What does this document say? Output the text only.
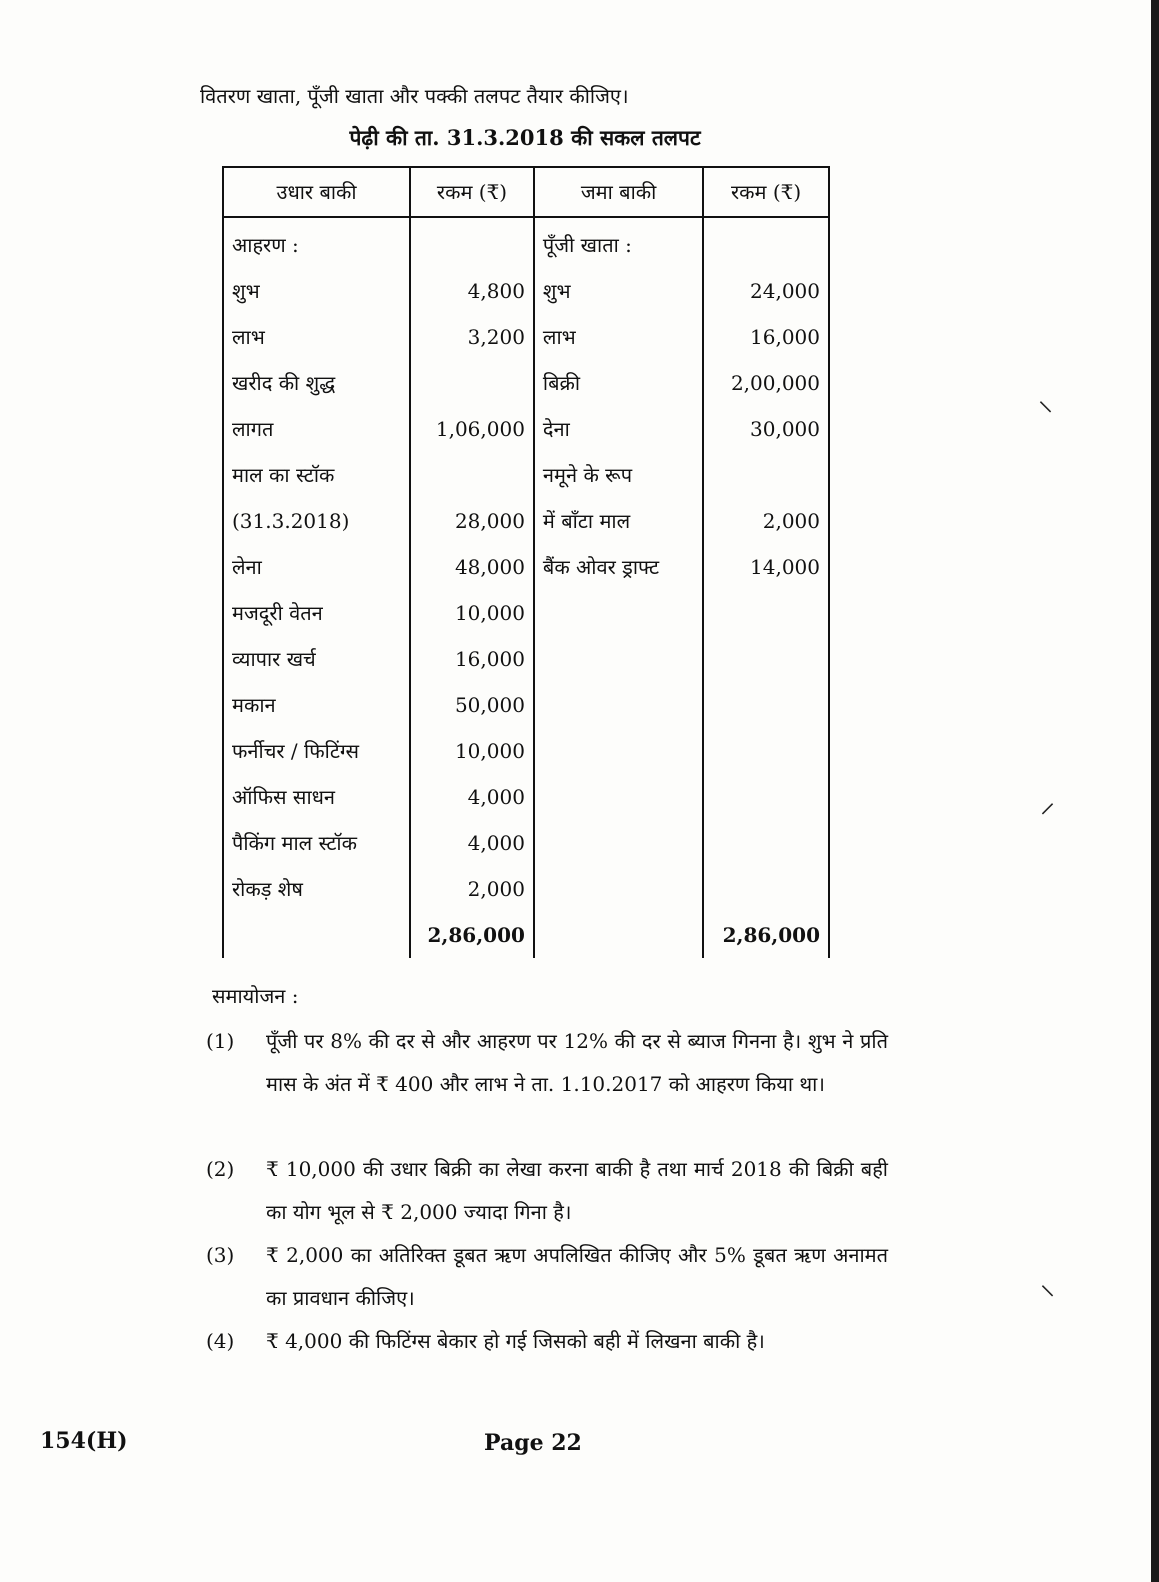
⸜
⸝
⸜
वितरण खाता, पूँजी खाता और पक्की तलपट तैयार कीजिए।
पेढ़ी की ता. 31.3.2018 की सकल तलपट
उधार बाकी	रकम (₹)	जमा बाकी	रकम (₹)
आहरण :		पूँजी खाता :	
शुभ	4,800	शुभ	24,000
लाभ	3,200	लाभ	16,000
खरीद की शुद्ध		बिक्री	2,00,000
लागत	1,06,000	देना	30,000
माल का स्टॉक		नमूने के रूप	
(31.3.2018)	28,000	में बाँटा माल	2,000
लेना	48,000	बैंक ओवर ड्राफ्ट	14,000
मजदूरी वेतन	10,000		
व्यापार खर्च	16,000		
मकान	50,000		
फर्नीचर / फिटिंग्स	10,000		
ऑफिस साधन	4,000		
पैकिंग माल स्टॉक	4,000		
रोकड़ शेष	2,000		
	2,86,000		2,86,000
समायोजन :
(1)	पूँजी पर 8% की दर से और आहरण पर 12% की दर से ब्याज गिनना है। शुभ ने प्रति मास के अंत में ₹ 400 और लाभ ने ता. 1.10.2017 को आहरण किया था।
(2)	₹ 10,000 की उधार बिक्री का लेखा करना बाकी है तथा मार्च 2018 की बिक्री बही का योग भूल से ₹ 2,000 ज्यादा गिना है।
(3)	₹ 2,000 का अतिरिक्त डूबत ऋण अपलिखित कीजिए और 5% डूबत ऋण अनामत का प्रावधान कीजिए।
(4)	₹ 4,000 की फिटिंग्स बेकार हो गई जिसको बही में लिखना बाकी है।
154(H)	Page 22
